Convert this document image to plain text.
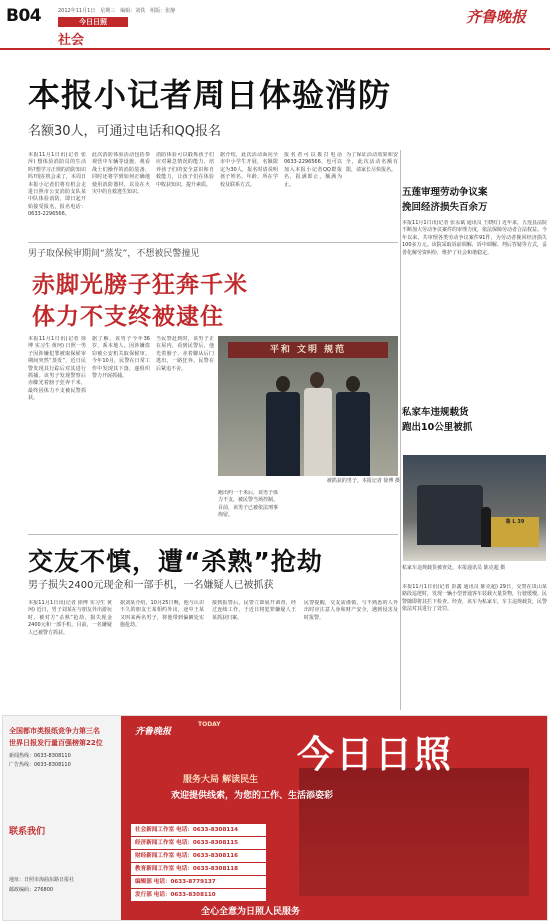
B04	2012年11月1日　星期三　编辑：刘佚　组版：张静
今日日照
社会
齐鲁晚报
本报小记者周日体验消防
名额30人，可通过电话和QQ报名
本报11月1日讯(记者 张萍) 想体验消防员的生活吗?想学习正规的消防知识吗?现在机会来了，本周日本报小记者们将有机会走进日照市公安消防支队某中队体验消防，即日起开始接受报名，报名电话：0633-2296566。
此次消防体验活动包括参观营中车辆等设施、观看战士们操作的消防装备，同时还将学到如何正确地使用消防器材，以及在火灾中的自救逃生知识。
消防体验可以锻炼孩子们应对紧急情况的能力，培养孩子们的安全意识和自救能力，让孩子们在体验中收获知识，提升素质。
据介绍，此次活动面向全市中小学生开展，名额限定为30人，报名时请说明孩子姓名、年龄、所在学校及联系方式。
报名者可以拨打电话0633-2296566，也可以加入本报小记者QQ群报名，报满即止，额满为止。
为了保证活动效果和安全，此次活动名额有限，请家长尽快报名。
五莲审理劳动争议案
挽回经济损失百余万
本报11月1日讯(记者 张永斌 通讯员 王晓红) 近年来，五莲县法院不断加大劳动争议案件的审理力度，依法保障劳动者合法权益。今年以来，共审理各类劳动争议案件91件，为劳动者挽回经济损失100多万元。该院采取诉前调解、诉中调解、判后答疑等方式，妥善化解劳资纠纷，维护了社会和谐稳定。
私家车违规载货
跑出10公里被抓
鲁 L 39
私家车违规载货被查处。本报通讯员 陈克超 摄
本报11月1日讯(记者 彭鑫 通讯员 陈克超) 29日，交警在岚山某路段巡逻时，发现一辆小型普通客车装载大量货物，行驶缓慢。民警随即将其拦下检查。经查，该车为私家车，车主违规载货，民警依法对其进行了处罚。
男子取保候审期间“蒸发”，不想被民警撞见
赤脚光膀子狂奔千米
体力不支终被逮住
本报11月1日讯(记者 徐博 实习生 黄珂) 日照一男子因涉嫌犯罪被取保候审期间突然“蒸发”，近日民警发现其行踪后对其进行抓捕。该男子发现警察后赤脚光着膀子狂奔千米，最终因体力不支被民警抓获。
据了解，该男子今年36岁，系本地人。因涉嫌盗窃被公安机关取保候审。今年10月，民警在日常工作中发现其下落，遂组织警力开展抓捕。
当民警赶到时，该男子正在屋内，看到民警后，他光着膀子、赤着脚从后门逃出，一路狂奔。民警在后紧追不舍。
跑出约一千米后，该男子体力不支，被民警当场控制。目前，该男子已被依法刑事拘留。
平和 文明 规范
被抓获的男子。本报记者 徐博 摄
交友不慎，遭“杀熟”抢劫
男子损失2400元现金和一部手机，一名嫌疑人已被抓获
本报11月1日讯(记者 徐博 实习生 黄珂) 近日，男子刘某在与朋友外出游玩时，被对方“杀熟”抢劫，损失现金2400元和一部手机。目前，一名嫌疑人已被警方抓获。
据刘某介绍，10月25日晚，他与认识不久的朋友王某相约外出，途中王某又叫来两名男子，将他带到偏僻处实施抢劫。
接到报警后，民警立即展开调查，经过连续工作，于近日将犯罪嫌疑人王某抓获归案。
民警提醒，交友需谨慎，与不熟悉的人外出时应注意人身和财产安全，遇到侵害及时报警。
全国都市类报纸竞争力第三名
世界日报发行量百强榜第22位
新闻热线：0633-8308110
广告热线：0633-8308110
齐鲁晚报
TODAY
今日日照
服务大局 解读民生
欢迎提供线索，为您的工作、生活添姿彩
联系我们	社会新闻工作室 电话：0633-8308114
经济新闻工作室 电话：0633-8308115
财经新闻工作室 电话：0633-8308116
教育新闻工作室 电话：0633-8308118
编辑部 电话：0633-8779137
发行部 电话：0633-8308110
地址：日照市海曲东路日报社
邮政编码：276800
全心全意为日照人民服务
